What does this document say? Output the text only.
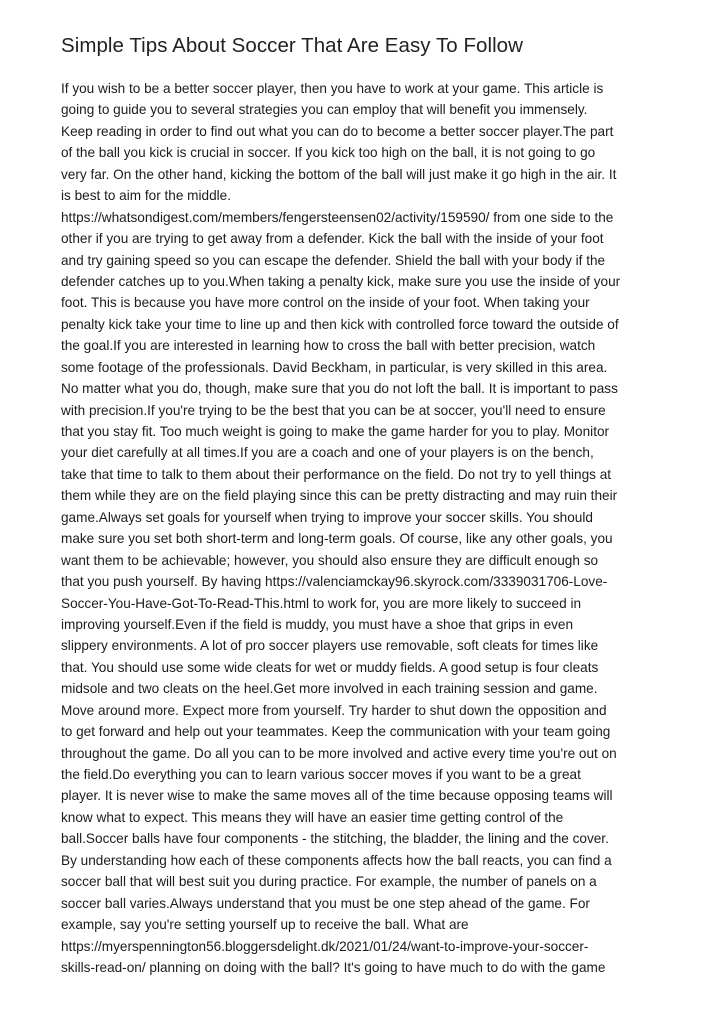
Simple Tips About Soccer That Are Easy To Follow
If you wish to be a better soccer player, then you have to work at your game. This article is
going to guide you to several strategies you can employ that will benefit you immensely.
Keep reading in order to find out what you can do to become a better soccer player.The part
of the ball you kick is crucial in soccer. If you kick too high on the ball, it is not going to go
very far. On the other hand, kicking the bottom of the ball will just make it go high in the air. It
is best to aim for the middle.
https://whatsondigest.com/members/fengersteensen02/activity/159590/ from one side to the
other if you are trying to get away from a defender. Kick the ball with the inside of your foot
and try gaining speed so you can escape the defender. Shield the ball with your body if the
defender catches up to you.When taking a penalty kick, make sure you use the inside of your
foot. This is because you have more control on the inside of your foot. When taking your
penalty kick take your time to line up and then kick with controlled force toward the outside of
the goal.If you are interested in learning how to cross the ball with better precision, watch
some footage of the professionals. David Beckham, in particular, is very skilled in this area.
No matter what you do, though, make sure that you do not loft the ball. It is important to pass
with precision.If you're trying to be the best that you can be at soccer, you'll need to ensure
that you stay fit. Too much weight is going to make the game harder for you to play. Monitor
your diet carefully at all times.If you are a coach and one of your players is on the bench,
take that time to talk to them about their performance on the field. Do not try to yell things at
them while they are on the field playing since this can be pretty distracting and may ruin their
game.Always set goals for yourself when trying to improve your soccer skills. You should
make sure you set both short-term and long-term goals. Of course, like any other goals, you
want them to be achievable; however, you should also ensure they are difficult enough so
that you push yourself. By having https://valenciamckay96.skyrock.com/3339031706-Love-
Soccer-You-Have-Got-To-Read-This.html to work for, you are more likely to succeed in
improving yourself.Even if the field is muddy, you must have a shoe that grips in even
slippery environments. A lot of pro soccer players use removable, soft cleats for times like
that. You should use some wide cleats for wet or muddy fields. A good setup is four cleats
midsole and two cleats on the heel.Get more involved in each training session and game.
Move around more. Expect more from yourself. Try harder to shut down the opposition and
to get forward and help out your teammates. Keep the communication with your team going
throughout the game. Do all you can to be more involved and active every time you're out on
the field.Do everything you can to learn various soccer moves if you want to be a great
player. It is never wise to make the same moves all of the time because opposing teams will
know what to expect. This means they will have an easier time getting control of the
ball.Soccer balls have four components - the stitching, the bladder, the lining and the cover.
By understanding how each of these components affects how the ball reacts, you can find a
soccer ball that will best suit you during practice. For example, the number of panels on a
soccer ball varies.Always understand that you must be one step ahead of the game. For
example, say you're setting yourself up to receive the ball. What are
https://myerspennington56.bloggersdelight.dk/2021/01/24/want-to-improve-your-soccer-
skills-read-on/ planning on doing with the ball? It's going to have much to do with the game
